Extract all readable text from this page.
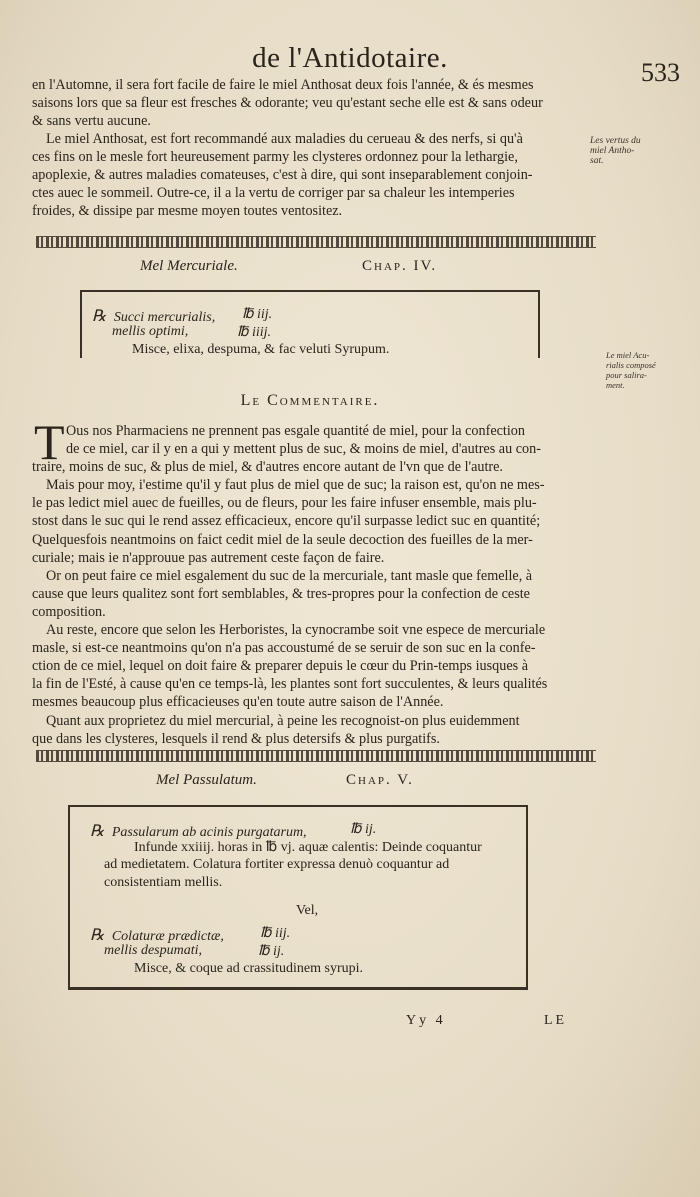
de l'Antidotaire.	533

en l'Automne, il sera fort facile de faire le miel Anthosat deux fois l'année, & és mesmes

saisons lors que sa fleur est fresches & odorante; veu qu'estant seche elle est & sans odeur

& sans vertu aucune.

Le miel Anthosat, est fort recommandé aux maladies du cerueau & des nerfs, si qu'à

ces fins on le mesle fort heureusement parmy les clysteres ordonnez pour la lethargie,

apoplexie, & autres maladies comateuses, c'est à dire, qui sont inseparablement conjoin-

ctes auec le sommeil. Outre-ce, il a la vertu de corriger par sa chaleur les intemperies

froides, & dissipe par mesme moyen toutes ventositez.

Les vertus du
miel Antho-
sat.
Mel Mercuriale.	Chap. IV.
℞ Succi mercurialis, ℔ iij.
mellis optimi,	℔ iiij.
Misce, elixa, despuma, & fac veluti Syrupum.
Le Commentaire.
Le miel Acu-
rialis composé
pour salira-
ment.
T Ous nos Pharmaciens ne prennent pas esgale quantité de miel, pour la confection

de ce miel, car il y en a qui y mettent plus de suc, & moins de miel, d'autres au con-

traire, moins de suc, & plus de miel, & d'autres encore autant de l'vn que de l'autre.

Mais pour moy, i'estime qu'il y faut plus de miel que de suc; la raison est, qu'on ne mes-

le pas ledict miel auec de fueilles, ou de fleurs, pour les faire infuser ensemble, mais plu-

stost dans le suc qui le rend assez efficacieux, encore qu'il surpasse ledict suc en quantité;

Quelquesfois neantmoins on faict cedit miel de la seule decoction des fueilles de la mer-

curiale; mais ie n'approuue pas autrement ceste façon de faire.

Or on peut faire ce miel esgalement du suc de la mercuriale, tant masle que femelle, à

cause que leurs qualitez sont fort semblables, & tres-propres pour la confection de ceste

composition.

Au reste, encore que selon les Herboristes, la cynocrambe soit vne espece de mercuriale

masle, si est-ce neantmoins qu'on n'a pas accoustumé de se seruir de son suc en la confe-

ction de ce miel, lequel on doit faire & preparer depuis le cœur du Prin-temps iusques à

la fin de l'Esté, à cause qu'en ce temps-là, les plantes sont fort succulentes, & leurs qualités

mesmes beaucoup plus efficacieuses qu'en toute autre saison de l'Année.

Quant aux proprietez du miel mercurial, à peine les recognoist-on plus euidemment

que dans les clysteres, lesquels il rend & plus detersifs & plus purgatifs.

Mel Passulatum.	Chap. V.
℞ Passularum ab acinis purgatarum,	℔ ij.
Infunde xxiiij. horas in ℔ vj. aquæ calentis: Deinde coquantur
ad medietatem. Colatura fortiter expressa denuò coquantur ad
consistentiam mellis.
Vel,
℞ Colaturæ prædictæ,	℔ iij.
mellis despumati,	℔ ij.
Misce, & coque ad crassitudinem syrupi.
Yy 4	LE
